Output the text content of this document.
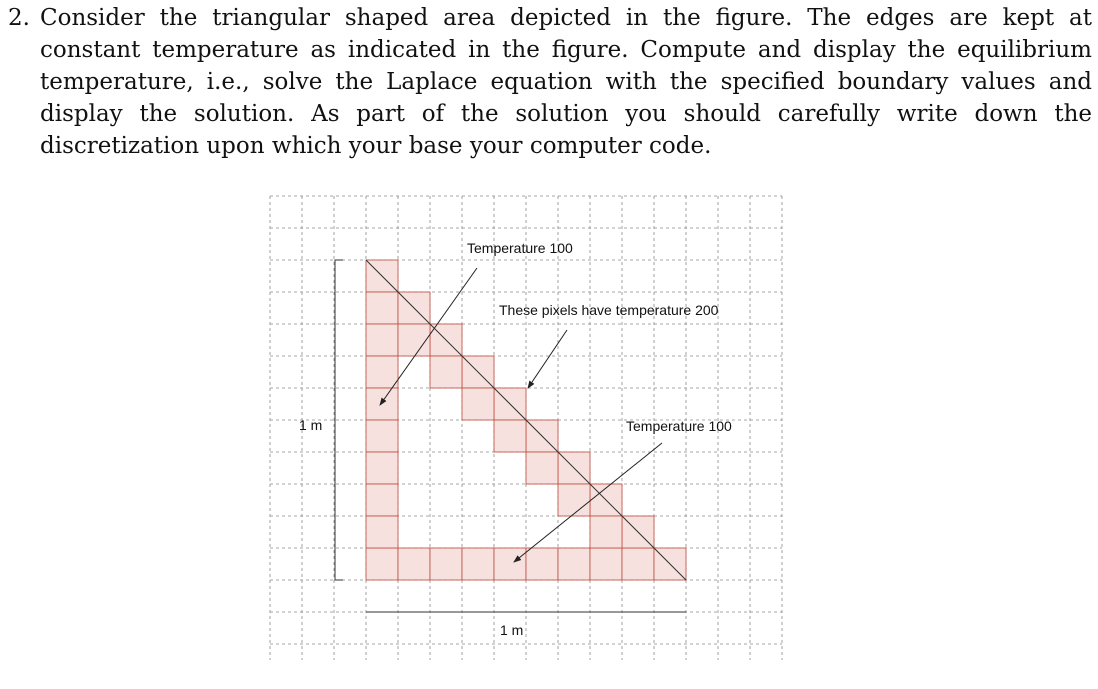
2. Consider the triangular shaped area depicted in the figure. The edges are kept at constant temperature as indicated in the figure. Compute and display the equilibrium temperature, i.e., solve the Laplace equation with the specified boundary values and display the solution. As part of the solution you should carefully write down the discretization upon which your base your computer code.

Temperature 100
These pixels have temperature 200
Temperature 100
1 m
1 m
